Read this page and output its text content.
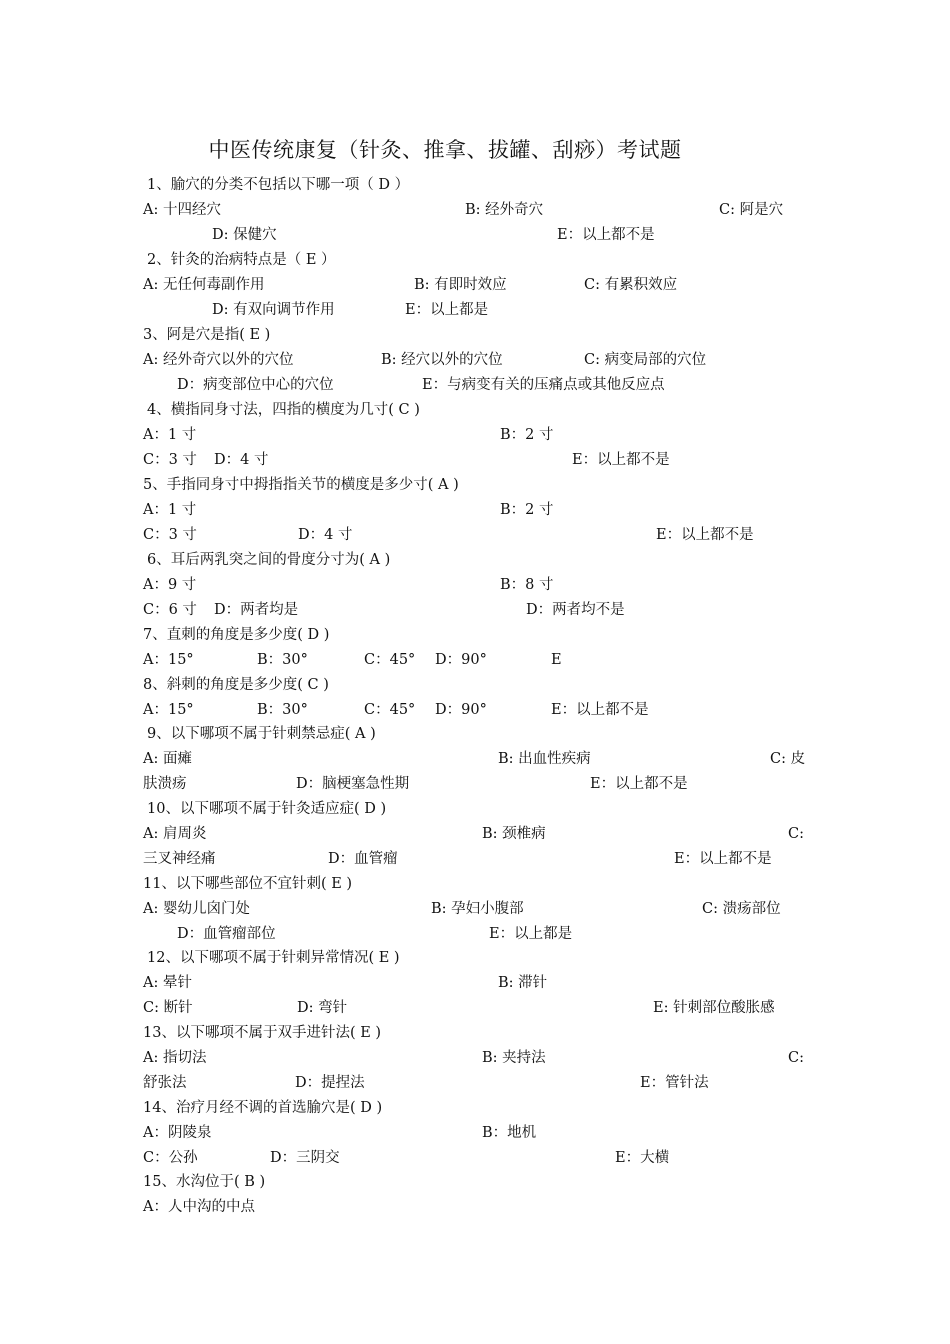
中医传统康复（针灸、推拿、拔罐、刮痧）考试题
1、腧穴的分类不包括以下哪一项（ D ）
A: 十四经穴	B: 经外奇穴	C: 阿是穴
D: 保健穴	E：以上都不是
2、针灸的治病特点是（ E ）
A: 无任何毒副作用	B: 有即时效应	C: 有累积效应
D: 有双向调节作用	E：以上都是
3、阿是穴是指( E )
A: 经外奇穴以外的穴位	B: 经穴以外的穴位	C: 病变局部的穴位
D：病变部位中心的穴位	E：与病变有关的压痛点或其他反应点
4、横指同身寸法，四指的横度为几寸( C )
A：1 寸	B：2 寸
C：3 寸 D：4 寸	E：以上都不是
5、手指同身寸中拇指指关节的横度是多少寸( A )
A：1 寸	B：2 寸
C：3 寸	D：4 寸	E：以上都不是
6、耳后两乳突之间的骨度分寸为( A )
A：9 寸	B：8 寸
C：6 寸 D：两者均是	D：两者均不是
7、直刺的角度是多少度( D )
A：15°	B：30°	C：45° D：90°	E
8、斜刺的角度是多少度( C )
A：15°	B：30°	C：45° D：90°	E：以上都不是
9、以下哪项不属于针刺禁忌症( A )
A: 面瘫	B: 出血性疾病	C: 皮
肤溃疡	D：脑梗塞急性期	E：以上都不是
10、以下哪项不属于针灸适应症( D )
A: 肩周炎	B: 颈椎病	C:
三叉神经痛	D：血管瘤	E：以上都不是
11、以下哪些部位不宜针刺( E )
A: 婴幼儿囟门处	B: 孕妇小腹部	C: 溃疡部位
D：血管瘤部位	E：以上都是
12、以下哪项不属于针刺异常情况( E )
A: 晕针	B: 滞针
C: 断针	D: 弯针	E: 针刺部位酸胀感
13、以下哪项不属于双手进针法( E )
A: 指切法	B: 夹持法	C:
舒张法	D：提捏法	E：管针法
14、治疗月经不调的首选腧穴是( D )
A：阴陵泉	B：地机
C：公孙	D：三阴交	E：大横
15、水沟位于( B )
A：人中沟的中点
